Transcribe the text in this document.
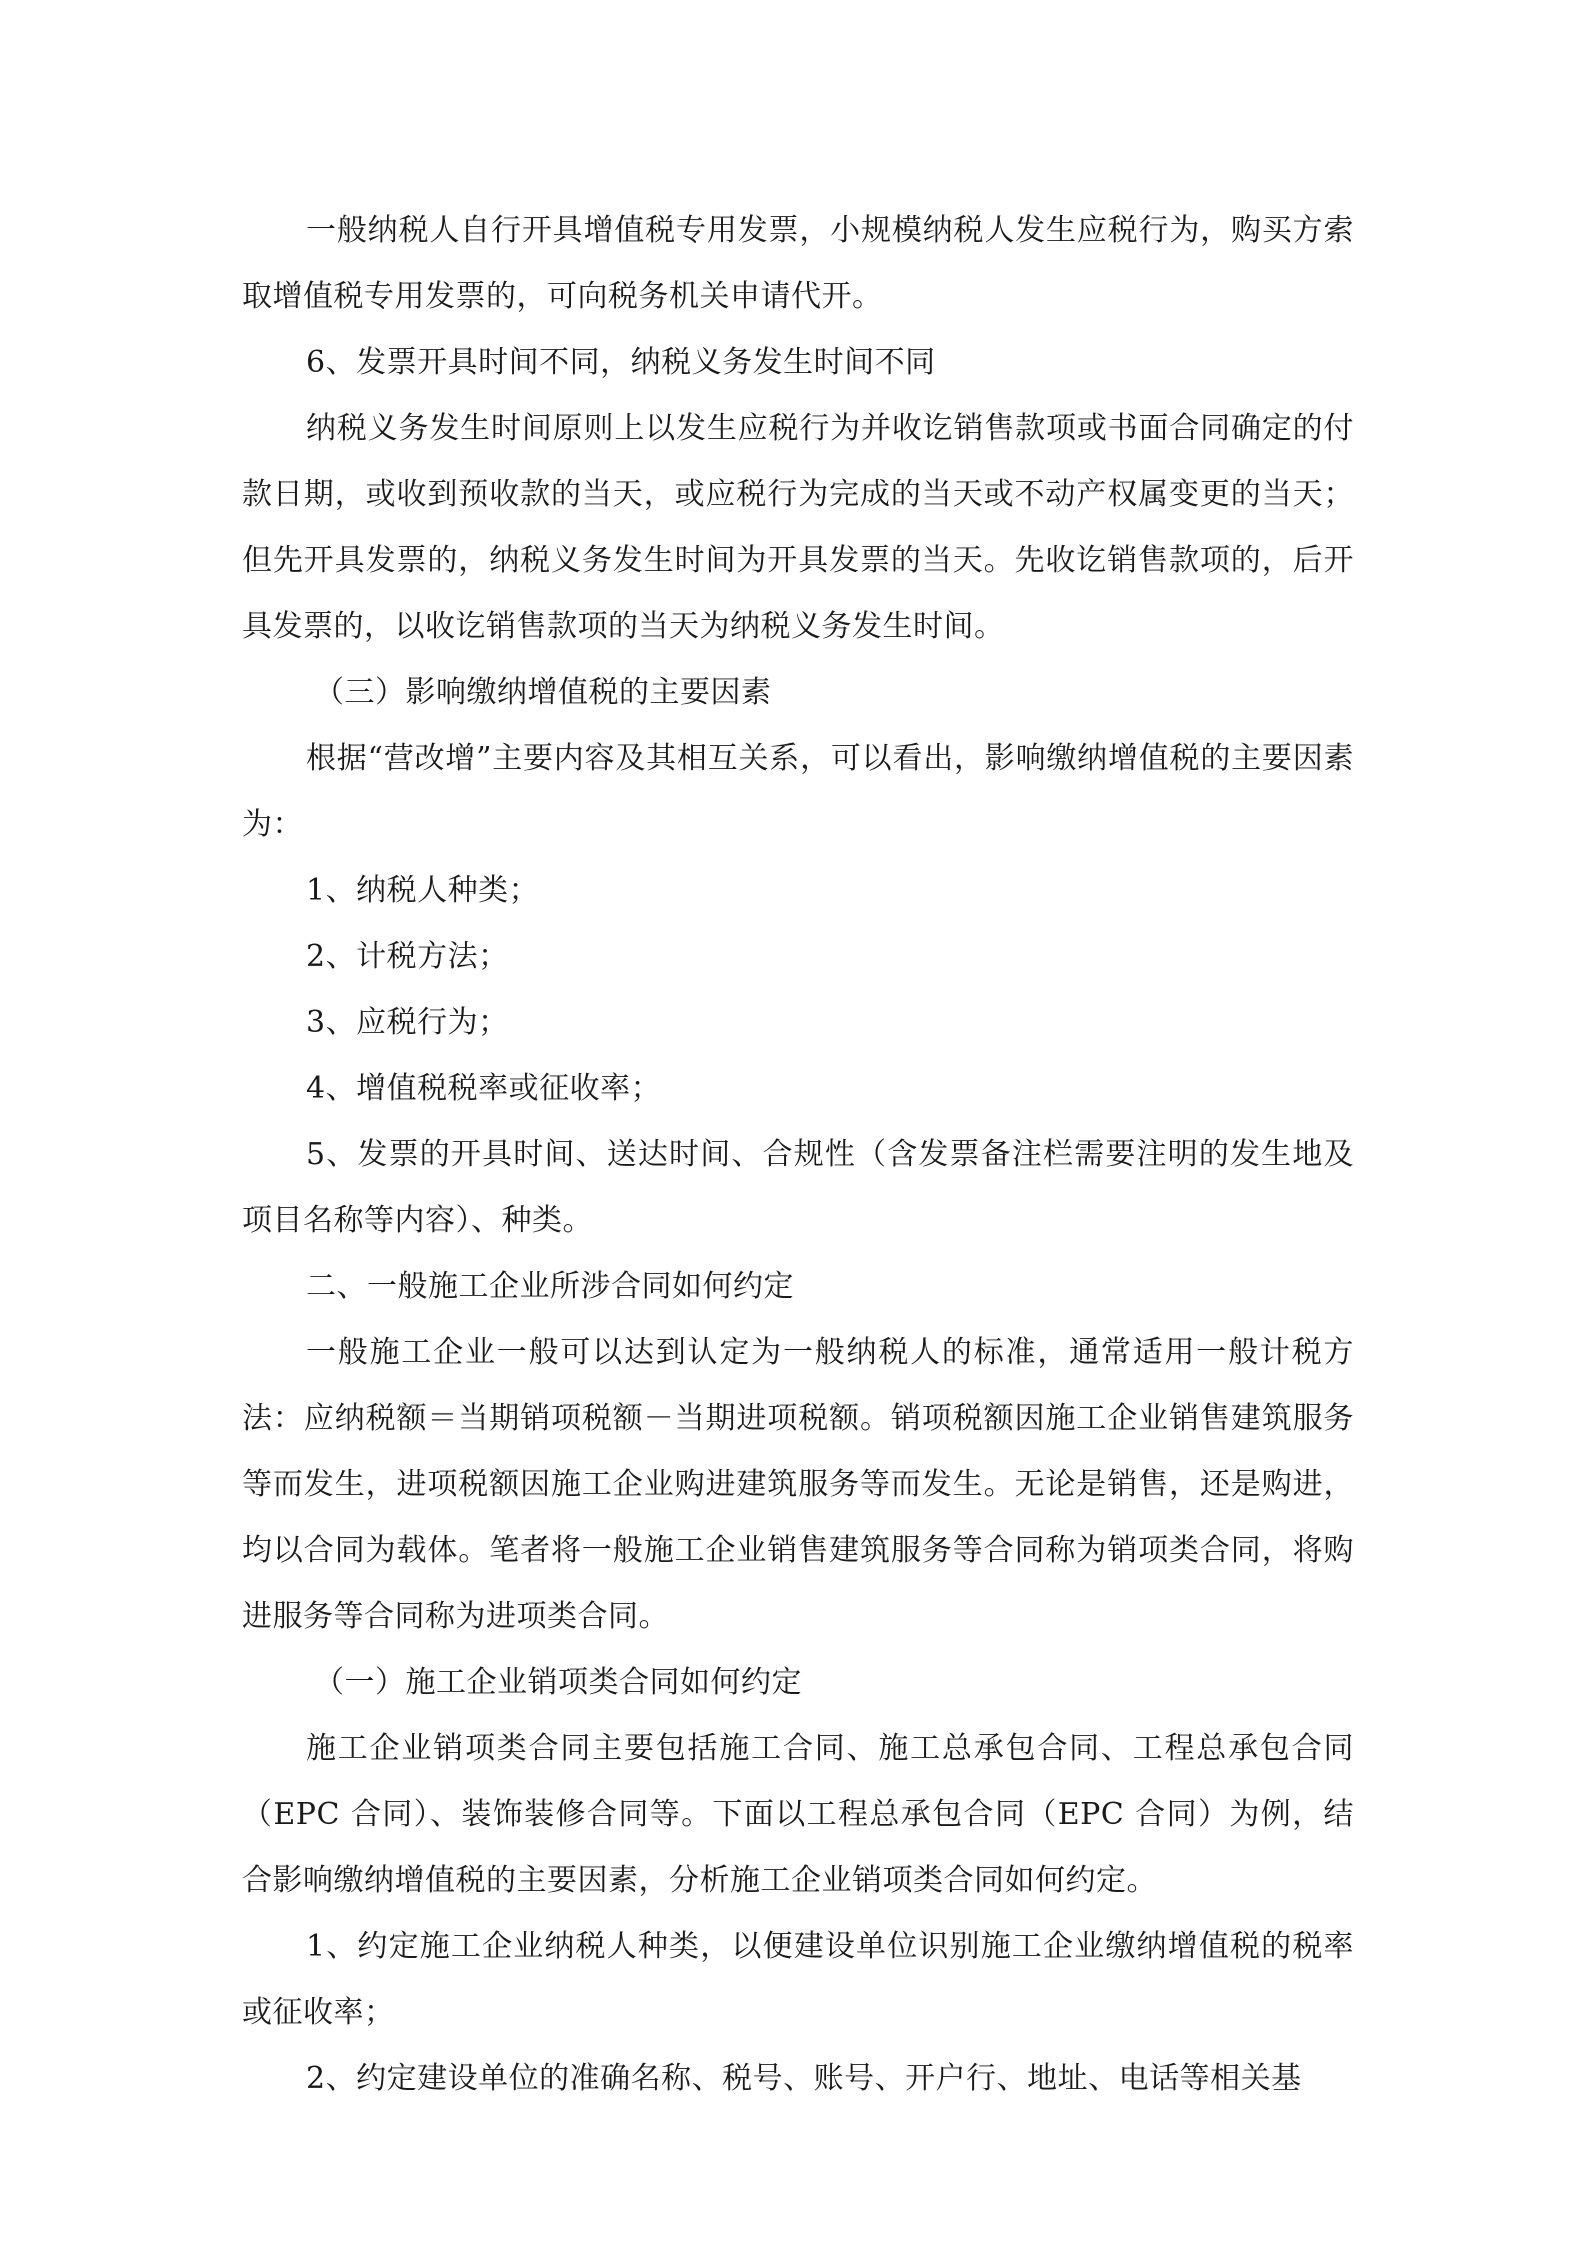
一般纳税人自行开具增值税专用发票，小规模纳税人发生应税行为，购买方索取增值税专用发票的，可向税务机关申请代开。

6、发票开具时间不同，纳税义务发生时间不同

纳税义务发生时间原则上以发生应税行为并收讫销售款项或书面合同确定的付款日期，或收到预收款的当天，或应税行为完成的当天或不动产权属变更的当天；但先开具发票的，纳税义务发生时间为开具发票的当天。先收讫销售款项的，后开具发票的，以收讫销售款项的当天为纳税义务发生时间。

（三）影响缴纳增值税的主要因素

根据“营改增”主要内容及其相互关系，可以看出，影响缴纳增值税的主要因素为：

1、纳税人种类；

2、计税方法；

3、应税行为；

4、增值税税率或征收率；

5、发票的开具时间、送达时间、合规性（含发票备注栏需要注明的发生地及项目名称等内容）、种类。

二、一般施工企业所涉合同如何约定

一般施工企业一般可以达到认定为一般纳税人的标准，通常适用一般计税方法：应纳税额＝当期销项税额－当期进项税额。销项税额因施工企业销售建筑服务等而发生，进项税额因施工企业购进建筑服务等而发生。无论是销售，还是购进，均以合同为载体。笔者将一般施工企业销售建筑服务等合同称为销项类合同，将购进服务等合同称为进项类合同。

（一）施工企业销项类合同如何约定

施工企业销项类合同主要包括施工合同、施工总承包合同、工程总承包合同（EPC 合同）、装饰装修合同等。下面以工程总承包合同（EPC 合同）为例，结合影响缴纳增值税的主要因素，分析施工企业销项类合同如何约定。

1、约定施工企业纳税人种类，以便建设单位识别施工企业缴纳增值税的税率或征收率；

2、约定建设单位的准确名称、税号、账号、开户行、地址、电话等相关基
